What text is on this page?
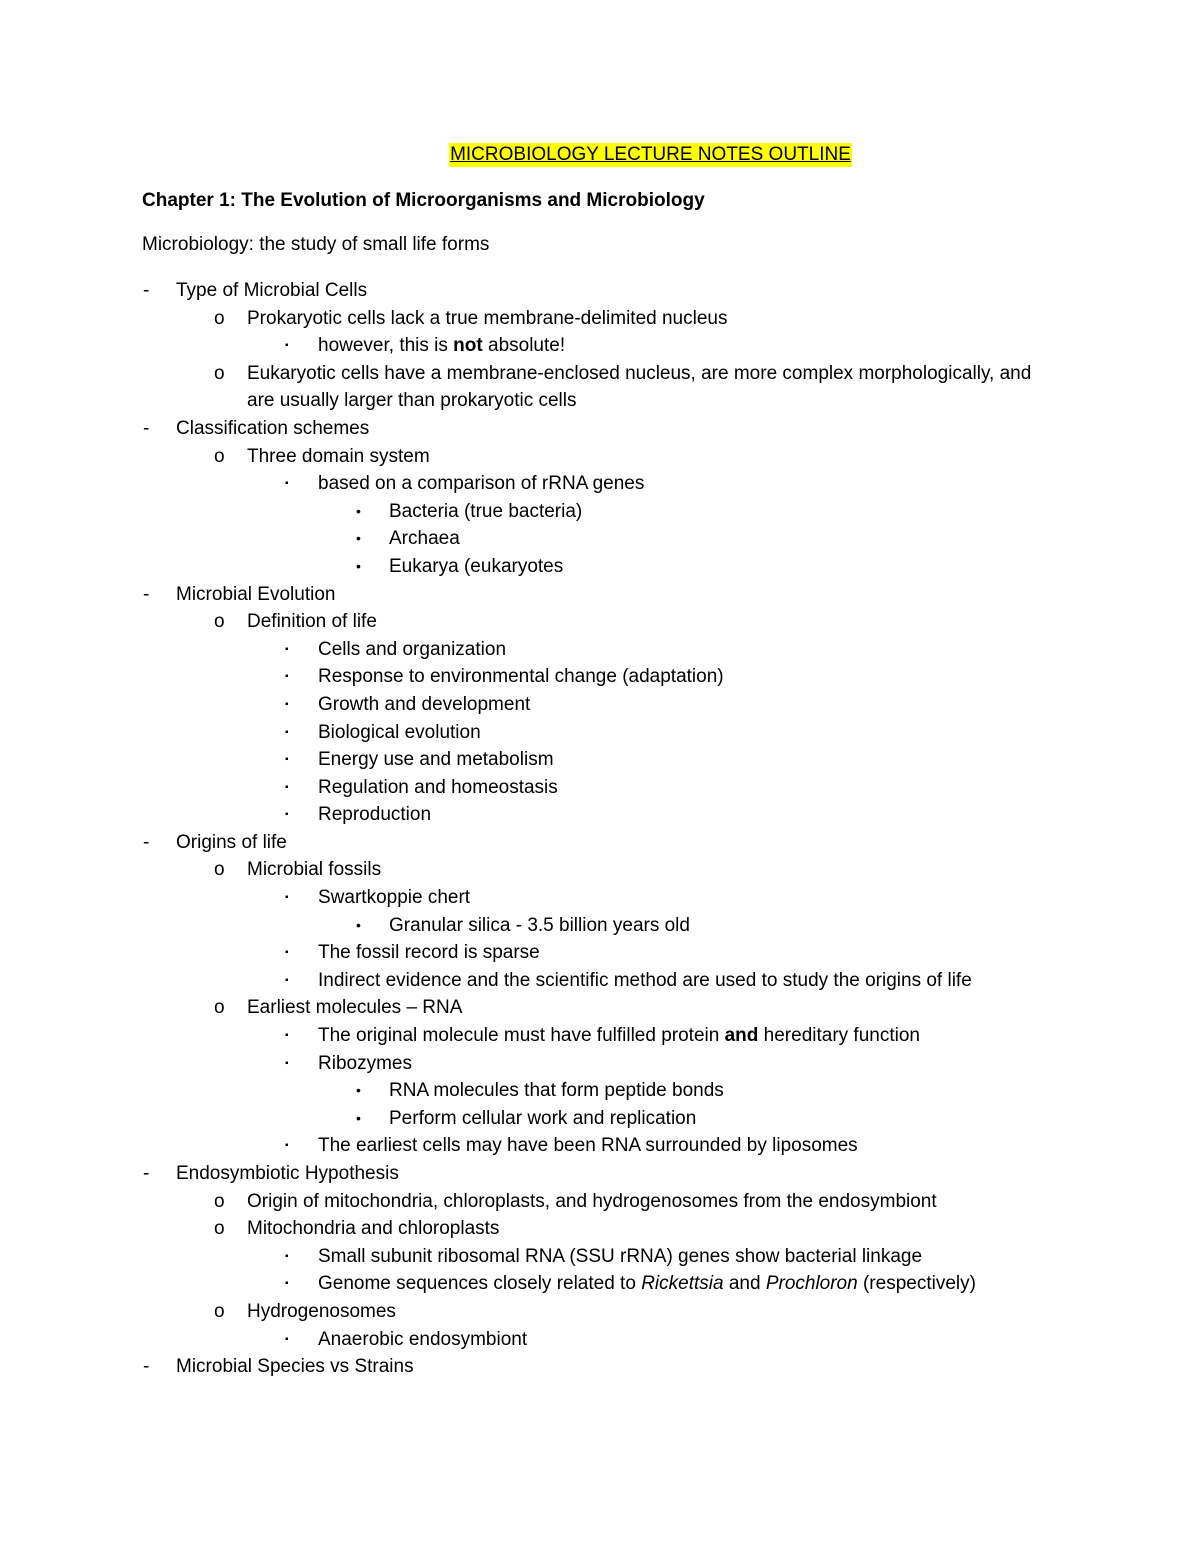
MICROBIOLOGY LECTURE NOTES OUTLINE
Chapter 1: The Evolution of Microorganisms and Microbiology
Microbiology: the study of small life forms
- Type of Microbial Cells
o Prokaryotic cells lack a true membrane-delimited nucleus
▪ however, this is not absolute!
o Eukaryotic cells have a membrane-enclosed nucleus, are more complex morphologically, and are usually larger than prokaryotic cells
- Classification schemes
o Three domain system
▪ based on a comparison of rRNA genes
• Bacteria (true bacteria)
• Archaea
• Eukarya (eukaryotes
- Microbial Evolution
o Definition of life
▪ Cells and organization
▪ Response to environmental change (adaptation)
▪ Growth and development
▪ Biological evolution
▪ Energy use and metabolism
▪ Regulation and homeostasis
▪ Reproduction
- Origins of life
o Microbial fossils
▪ Swartkoppie chert
• Granular silica - 3.5 billion years old
▪ The fossil record is sparse
▪ Indirect evidence and the scientific method are used to study the origins of life
o Earliest molecules – RNA
▪ The original molecule must have fulfilled protein and hereditary function
▪ Ribozymes
• RNA molecules that form peptide bonds
• Perform cellular work and replication
▪ The earliest cells may have been RNA surrounded by liposomes
- Endosymbiotic Hypothesis
o Origin of mitochondria, chloroplasts, and hydrogenosomes from the endosymbiont
o Mitochondria and chloroplasts
▪ Small subunit ribosomal RNA (SSU rRNA) genes show bacterial linkage
▪ Genome sequences closely related to Rickettsia and Prochloron (respectively)
o Hydrogenosomes
▪ Anaerobic endosymbiont
- Microbial Species vs Strains
